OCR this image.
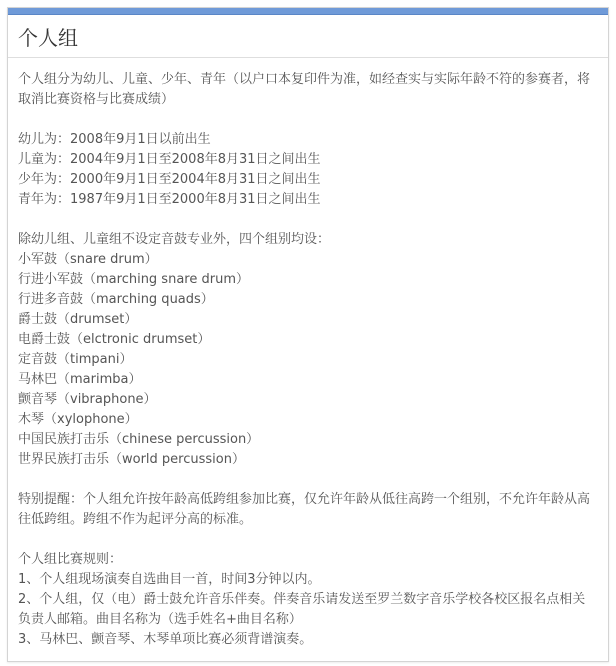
个人组

个人组分为幼儿、儿童、少年、青年（以户口本复印件为准，如经查实与实际年龄不符的参赛者，将取消比赛资格与比赛成绩）

幼儿为：2008年9月1日以前出生

儿童为：2004年9月1日至2008年8月31日之间出生

少年为：2000年9月1日至2004年8月31日之间出生

青年为：1987年9月1日至2000年8月31日之间出生

除幼儿组、儿童组不设定音鼓专业外，四个组别均设：

小军鼓（snare drum）

行进小军鼓（marching snare drum）

行进多音鼓（marching quads）

爵士鼓（drumset）

电爵士鼓（elctronic drumset）

定音鼓（timpani）

马林巴（marimba）

颤音琴（vibraphone）

木琴（xylophone）

中国民族打击乐（chinese percussion）

世界民族打击乐（world percussion）

特别提醒：个人组允许按年龄高低跨组参加比赛，仅允许年龄从低往高跨一个组别，不允许年龄从高往低跨组。跨组不作为起评分高的标准。

个人组比赛规则：

1、个人组现场演奏自选曲目一首，时间3分钟以内。

2、个人组，仅（电）爵士鼓允许音乐伴奏。伴奏音乐请发送至罗兰数字音乐学校各校区报名点相关负责人邮箱。曲目名称为（选手姓名+曲目名称）

3、马林巴、颤音琴、木琴单项比赛必须背谱演奏。
